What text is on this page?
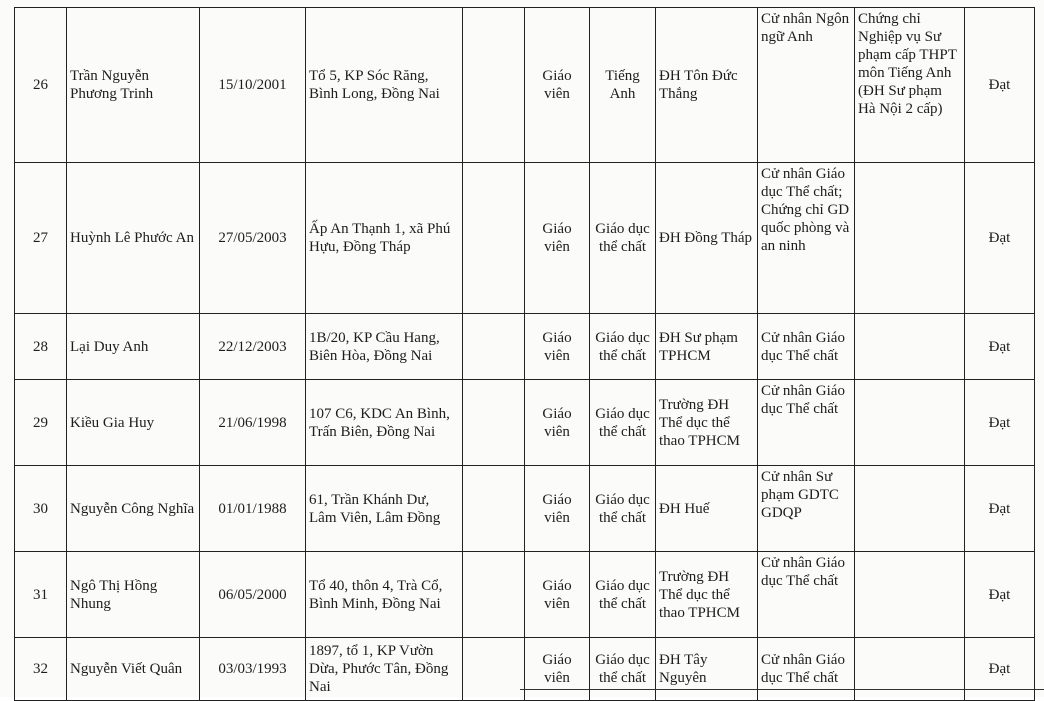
26	Trần Nguyễn Phương Trinh	15/10/2001	Tổ 5, KP Sóc Răng, Bình Long, Đồng Nai		Giáo viên	Tiếng Anh	ĐH Tôn Đức Thắng	Cử nhân Ngôn ngữ Anh	Chứng chỉ Nghiệp vụ Sư phạm cấp THPT môn Tiếng Anh (ĐH Sư phạm Hà Nội 2 cấp)	Đạt
27	Huỳnh Lê Phước An	27/05/2003	Ấp An Thạnh 1, xã Phú Hựu, Đồng Tháp		Giáo viên	Giáo dục thể chất	ĐH Đồng Tháp	Cử nhân Giáo dục Thể chất; Chứng chỉ GD quốc phòng và an ninh		Đạt
28	Lại Duy Anh	22/12/2003	1B/20, KP Cầu Hang, Biên Hòa, Đồng Nai		Giáo viên	Giáo dục thể chất	ĐH Sư phạm TPHCM	Cử nhân Giáo dục Thể chất		Đạt
29	Kiều Gia Huy	21/06/1998	107 C6, KDC An Bình, Trấn Biên, Đồng Nai		Giáo viên	Giáo dục thể chất	Trường ĐH Thể dục thể thao TPHCM	Cử nhân Giáo dục Thể chất		Đạt
30	Nguyễn Công Nghĩa	01/01/1988	61, Trần Khánh Dư, Lâm Viên, Lâm Đồng		Giáo viên	Giáo dục thể chất	ĐH Huế	Cử nhân Sư phạm GDTC GDQP		Đạt
31	Ngô Thị Hồng Nhung	06/05/2000	Tổ 40, thôn 4, Trà Cổ, Bình Minh, Đồng Nai		Giáo viên	Giáo dục thể chất	Trường ĐH Thể dục thể thao TPHCM	Cử nhân Giáo dục Thể chất		Đạt
32	Nguyễn Viết Quân	03/03/1993	1897, tổ 1, KP Vườn Dừa, Phước Tân, Đồng Nai		Giáo viên	Giáo dục thể chất	ĐH Tây Nguyên	Cử nhân Giáo dục Thể chất		Đạt
